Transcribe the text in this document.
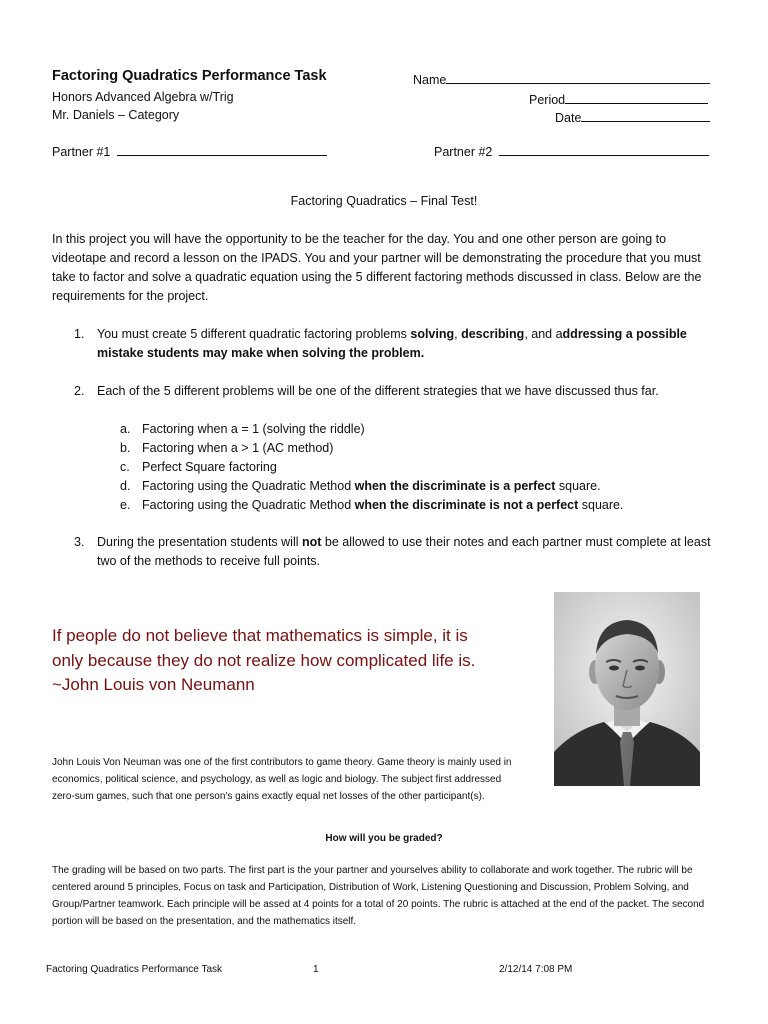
Factoring Quadratics Performance Task
Honors Advanced Algebra w/Trig
Mr. Daniels – Category
Name
Period
Date
Partner #1	Partner #2
Factoring Quadratics – Final Test!
In this project you will have the opportunity to be the teacher for the day. You and one other person are going to videotape and record a lesson on the IPADS. You and your partner will be demonstrating the procedure that you must take to factor and solve a quadratic equation using the 5 different factoring methods discussed in class. Below are the requirements for the project.
1. You must create 5 different quadratic factoring problems solving, describing, and addressing a possible mistake students may make when solving the problem.
2. Each of the 5 different problems will be one of the different strategies that we have discussed thus far.
a. Factoring when a = 1 (solving the riddle)
b. Factoring when a > 1 (AC method)
c. Perfect Square factoring
d. Factoring using the Quadratic Method when the discriminate is a perfect square.
e. Factoring using the Quadratic Method when the discriminate is not a perfect square.
3. During the presentation students will not be allowed to use their notes and each partner must complete at least two of the methods to receive full points.
If people do not believe that mathematics is simple, it is
only because they do not realize how complicated life is.
~John Louis von Neumann
John Louis Von Neuman was one of the first contributors to game theory. Game theory is mainly used in economics, political science, and psychology, as well as logic and biology. The subject first addressed zero-sum games, such that one person's gains exactly equal net losses of the other participant(s).
How will you be graded?
The grading will be based on two parts. The first part is the your partner and yourselves ability to collaborate and work together. The rubric will be centered around 5 principles, Focus on task and Participation, Distribution of Work, Listening Questioning and Discussion, Problem Solving, and Group/Partner teamwork. Each principle will be assed at 4 points for a total of 20 points. The rubric is attached at the end of the packet. The second portion will be based on the presentation, and the mathematics itself.
Factoring Quadratics Performance Task	1	2/12/14 7:08 PM
